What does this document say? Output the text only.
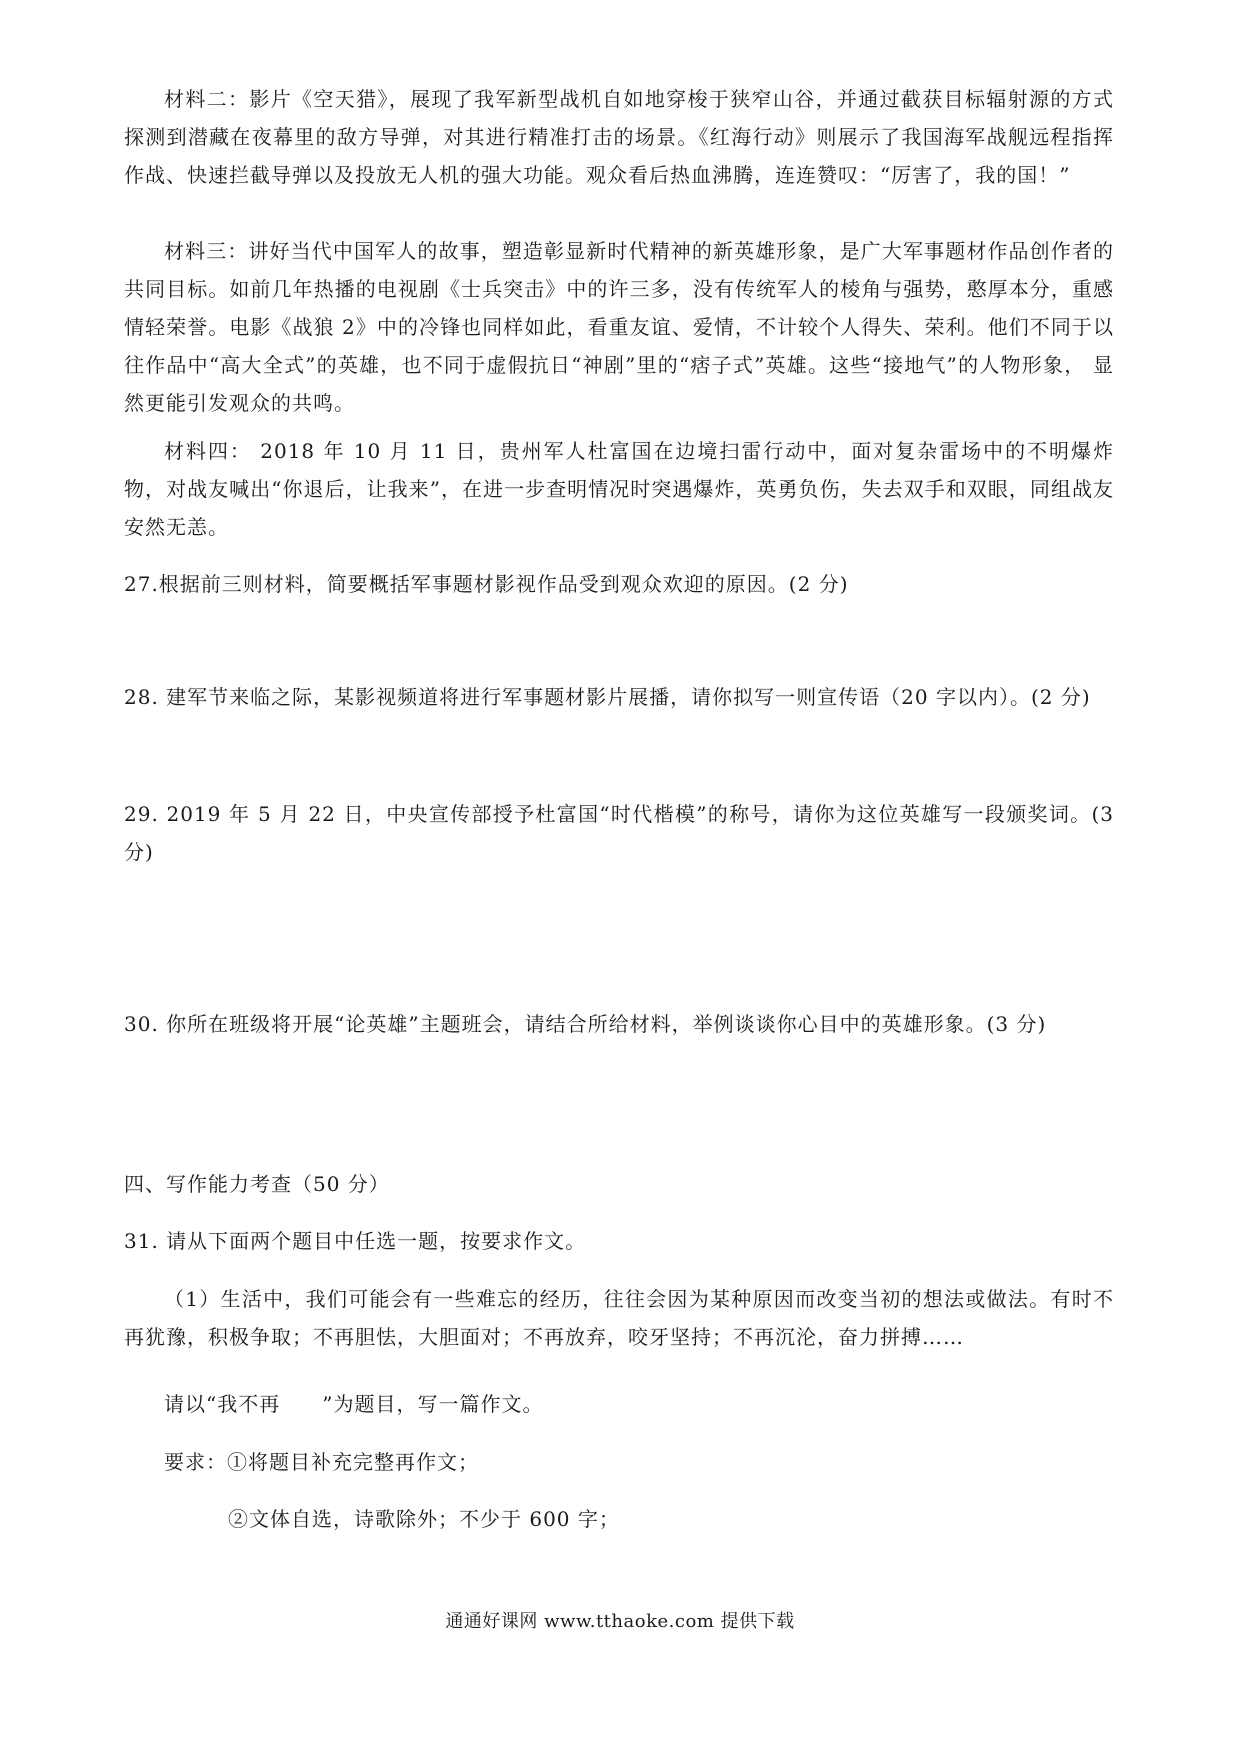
材料二：影片《空天猎》，展现了我军新型战机自如地穿梭于狭窄山谷，并通过截获目标辐射源的方式探测到潜藏在夜幕里的敌方导弹，对其进行精准打击的场景。《红海行动》则展示了我国海军战舰远程指挥作战、快速拦截导弹以及投放无人机的强大功能。观众看后热血沸腾，连连赞叹：“厉害了，我的国！”

材料三：讲好当代中国军人的故事，塑造彰显新时代精神的新英雄形象，是广大军事题材作品创作者的共同目标。如前几年热播的电视剧《士兵突击》中的许三多，没有传统军人的棱角与强势，憨厚本分，重感情轻荣誉。电影《战狼 2》中的冷锋也同样如此，看重友谊、爱情，不计较个人得失、荣利。他们不同于以往作品中“高大全式”的英雄，也不同于虚假抗日“神剧”里的“痞子式”英雄。这些“接地气”的人物形象， 显然更能引发观众的共鸣。

材料四： 2018 年 10 月 11 日，贵州军人杜富国在边境扫雷行动中，面对复杂雷场中的不明爆炸物，对战友喊出“你退后，让我来”，在进一步查明情况时突遇爆炸，英勇负伤，失去双手和双眼，同组战友安然无恙。

27.根据前三则材料，简要概括军事题材影视作品受到观众欢迎的原因。(2 分)

28. 建军节来临之际，某影视频道将进行军事题材影片展播，请你拟写一则宣传语（20 字以内）。(2 分)

29. 2019 年 5 月 22 日，中央宣传部授予杜富国“时代楷模”的称号，请你为这位英雄写一段颁奖词。(3 分)

30. 你所在班级将开展“论英雄”主题班会，请结合所给材料，举例谈谈你心目中的英雄形象。(3 分)

四、写作能力考查（50 分）

31. 请从下面两个题目中任选一题，按要求作文。

（1）生活中，我们可能会有一些难忘的经历，往往会因为某种原因而改变当初的想法或做法。有时不再犹豫，积极争取；不再胆怯，大胆面对；不再放弃，咬牙坚持；不再沉沦，奋力拼搏……

请以“我不再　　”为题目，写一篇作文。

要求：①将题目补充完整再作文；

②文体自选，诗歌除外；不少于 600 字；

通通好课网 www.tthaoke.com 提供下载
